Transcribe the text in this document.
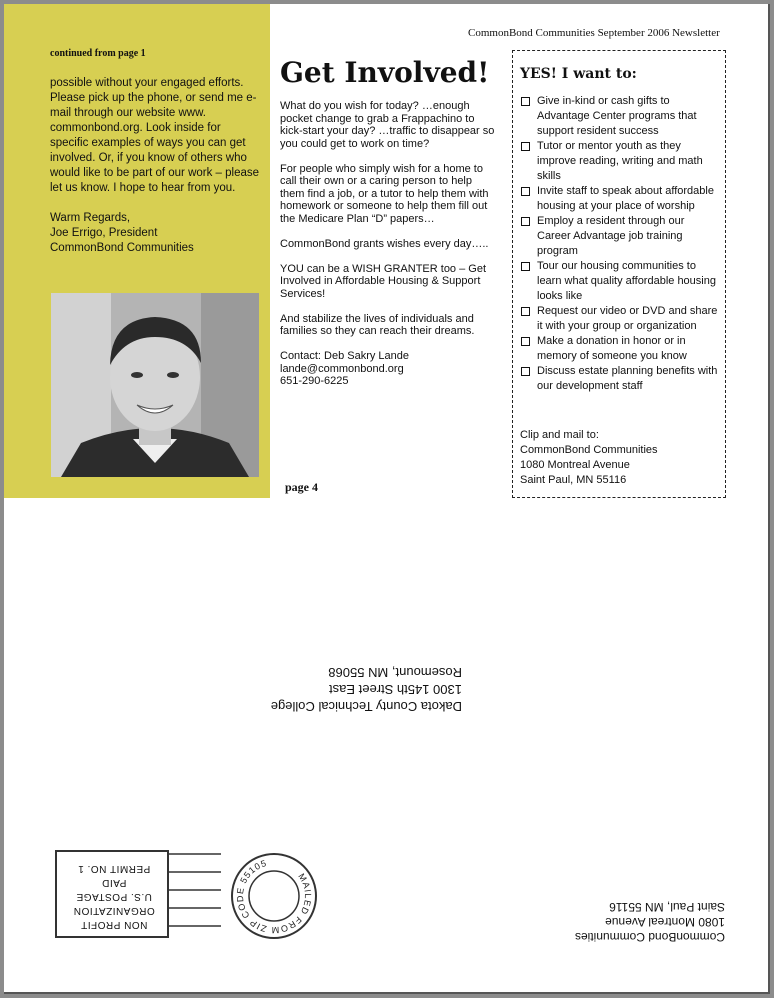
continued from page 1

possible without your engaged efforts. Please pick up the phone, or send me e-mail through our website www. commonbond.org. Look inside for specific examples of ways you can get involved. Or, if you know of others who would like to be part of our work – please let us know. I hope to hear from you.

Warm Regards,
Joe Errigo, President
CommonBond Communities
CommonBond Communities September 2006 Newsletter
Get Involved!

What do you wish for today? …enough pocket change to grab a Frappachino to kick-start your day? …traffic to disappear so you could get to work on time?

For people who simply wish for a home to call their own or a caring person to help them find a job, or a tutor to help them with homework or someone to help them fill out the Medicare Plan “D” papers…

CommonBond grants wishes every day…..

YOU can be a WISH GRANTER too – Get Involved in Affordable Housing & Support Services!

And stabilize the lives of individuals and families so they can reach their dreams.

Contact: Deb Sakry Lande
lande@commonbond.org
651-290-6225
page 4
YES! I want to:
Give in-kind or cash gifts to Advantage Center programs that support resident success
Tutor or mentor youth as they improve reading, writing and math skills
Invite staff to speak about affordable housing at your place of worship
Employ a resident through our Career Advantage job training program
Tour our housing communities to learn what quality affordable housing looks like
Request our video or DVD and share it with your group or organization
Make a donation in honor or in memory of someone you know
Discuss estate planning benefits with our development staff
Clip and mail to:
CommonBond Communities
1080 Montreal Avenue
Saint Paul, MN 55116
Dakota County Technical College
1300 145th Street East
Rosemount, MN 55068
NON PROFIT
ORGANIZATION
U.S. POSTAGE
PAID
PERMIT NO. 1
MAILED FROM ZIP CODE 55105
CommonBond Communities
1080 Montreal Avenue
Saint Paul, MN 55116
